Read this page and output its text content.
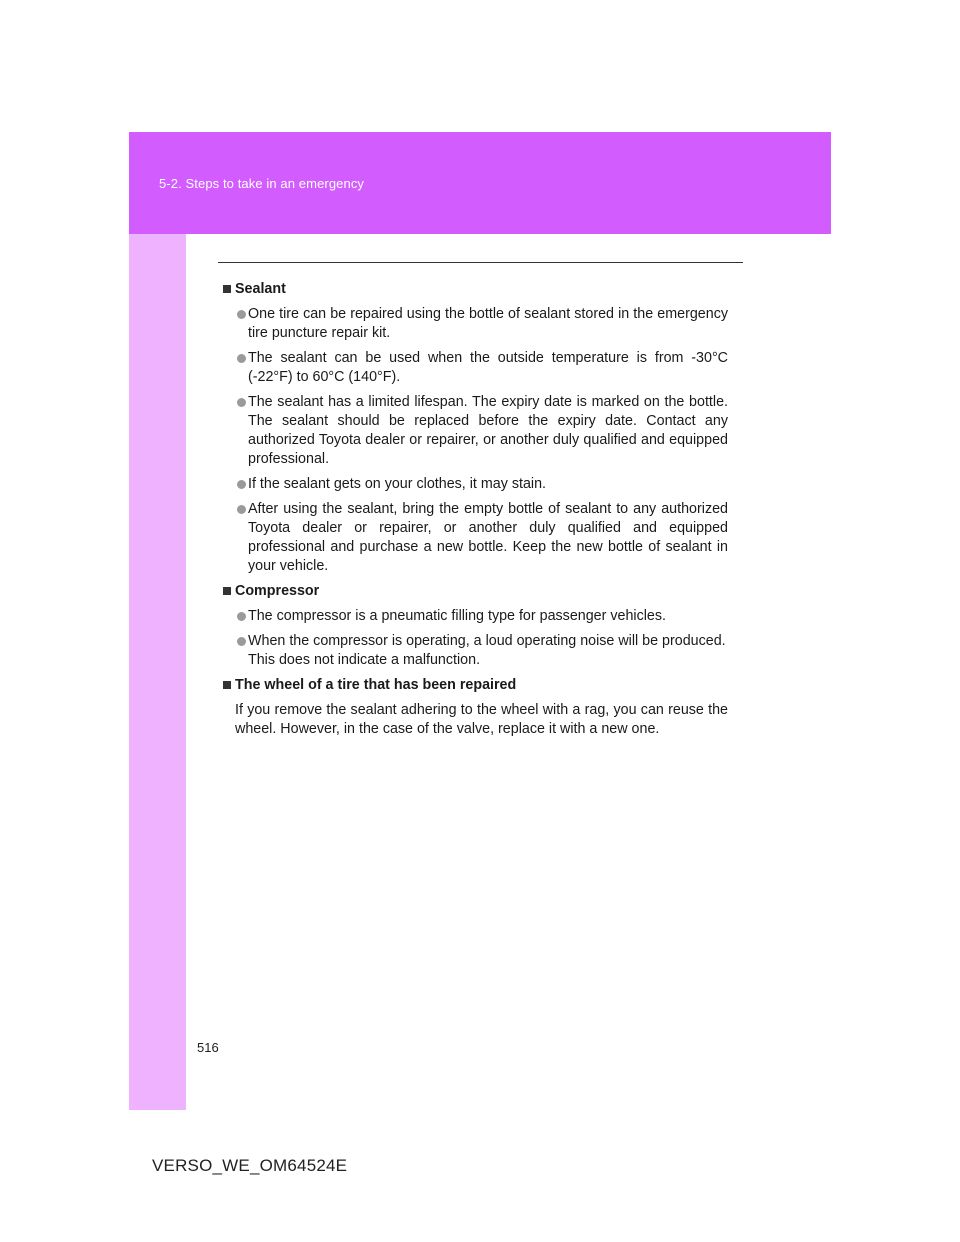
5-2. Steps to take in an emergency
Sealant
One tire can be repaired using the bottle of sealant stored in the emergency tire puncture repair kit.
The sealant can be used when the outside temperature is from -30°C (-22°F) to 60°C (140°F).
The sealant has a limited lifespan. The expiry date is marked on the bottle. The sealant should be replaced before the expiry date. Contact any authorized Toyota dealer or repairer, or another duly qualified and equipped professional.
If the sealant gets on your clothes, it may stain.
After using the sealant, bring the empty bottle of sealant to any authorized Toyota dealer or repairer, or another duly qualified and equipped professional and purchase a new bottle. Keep the new bottle of sealant in your vehicle.
Compressor
The compressor is a pneumatic filling type for passenger vehicles.
When the compressor is operating, a loud operating noise will be produced.
This does not indicate a malfunction.
The wheel of a tire that has been repaired
If you remove the sealant adhering to the wheel with a rag, you can reuse the wheel. However, in the case of the valve, replace it with a new one.
516
VERSO_WE_OM64524E
